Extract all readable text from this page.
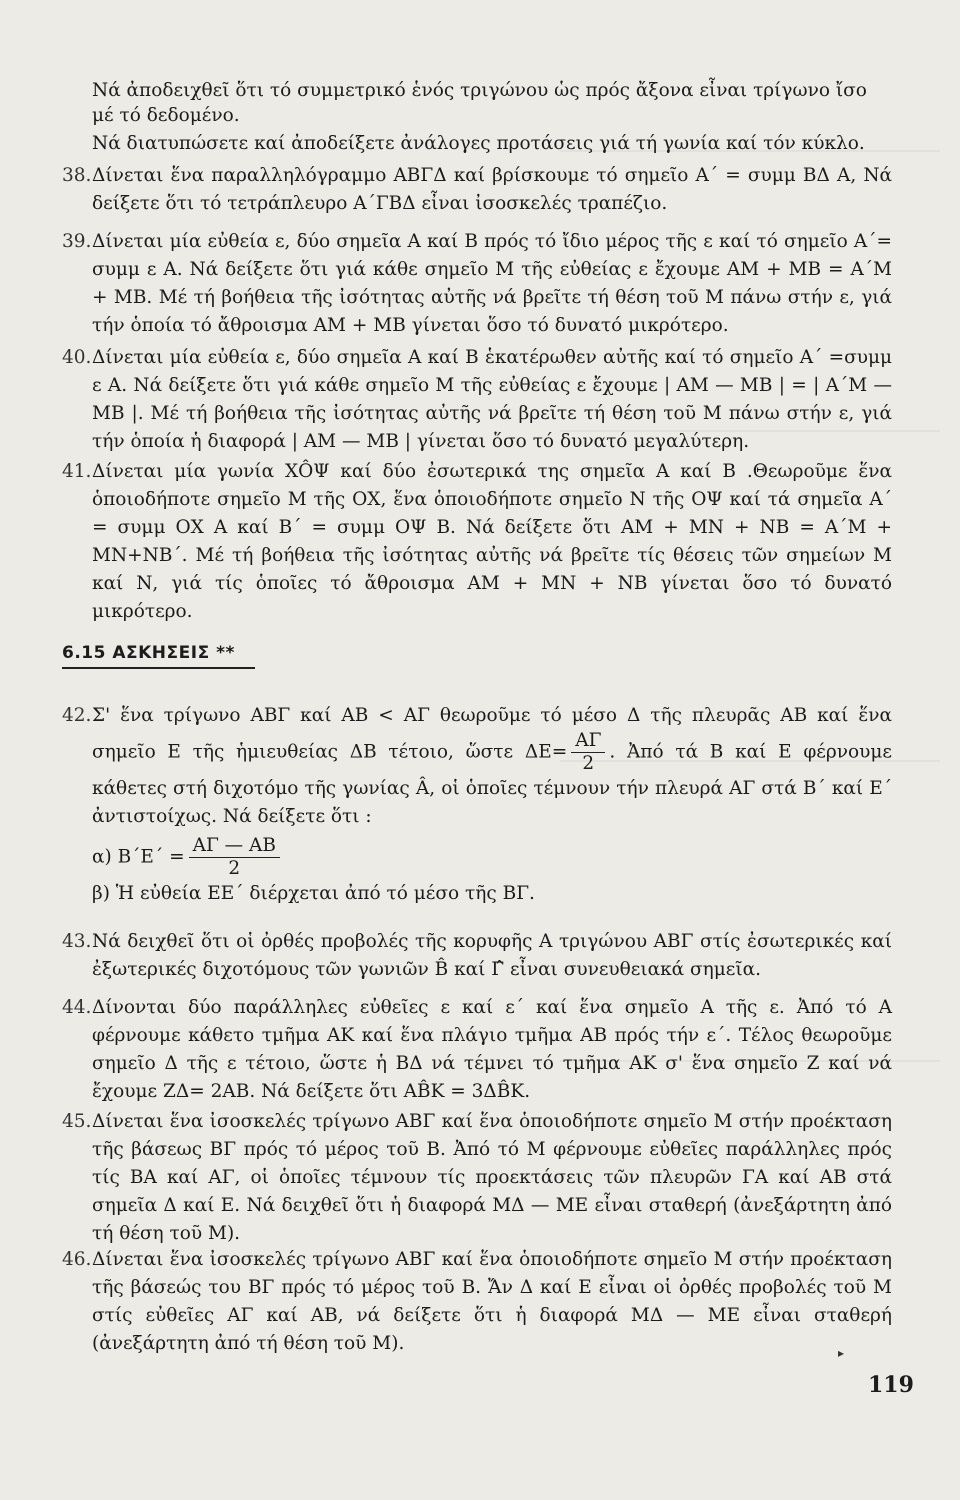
Νά ἀποδειχθεῖ ὅτι τό συμμετρικό ἑνός τριγώνου ὡς πρός ἄξονα εἶναι τρίγωνο ἴσο μέ τό δεδομένο.
Νά διατυπώσετε καί ἀποδείξετε ἀνάλογες προτάσεις γιά τή γωνία καί τόν κύκλο.
38. Δίνεται ἕνα παραλληλόγραμμο ΑΒΓΔ καί βρίσκουμε τό σημεῖο Α΄ = συμμ ΒΔ Α, Νά δείξετε ὅτι τό τετράπλευρο Α΄ΓΒΔ εἶναι ἰσοσκελές τραπέζιο.
39. Δίνεται μία εὐθεία ε, δύο σημεῖα Α καί Β πρός τό ἴδιο μέρος τῆς ε καί τό σημεῖο Α΄= συμμ ε Α. Νά δείξετε ὅτι γιά κάθε σημεῖο Μ τῆς εὐθείας ε ἔχουμε ΑΜ + ΜΒ = Α΄Μ + ΜΒ. Μέ τή βοήθεια τῆς ἰσότητας αὐτῆς νά βρεῖτε τή θέση τοῦ Μ πάνω στήν ε, γιά τήν ὁποία τό ἄθροισμα ΑΜ + ΜΒ γίνεται ὅσο τό δυνατό μικρότερο.
40. Δίνεται μία εὐθεία ε, δύο σημεῖα Α καί Β ἑκατέρωθεν αὐτῆς καί τό σημεῖο Α΄ =συμμ ε Α. Νά δείξετε ὅτι γιά κάθε σημεῖο Μ τῆς εὐθείας ε ἔχουμε | ΑΜ — ΜΒ | = | Α΄Μ — ΜΒ |. Μέ τή βοήθεια τῆς ἰσότητας αὐτῆς νά βρεῖτε τή θέση τοῦ Μ πάνω στήν ε, γιά τήν ὁποία ἡ διαφορά | ΑΜ — ΜΒ | γίνεται ὅσο τό δυνατό μεγαλύτερη.
41. Δίνεται μία γωνία ΧÔΨ καί δύο ἐσωτερικά της σημεῖα Α καί Β .Θεωροῦμε ἕνα ὁποιοδήποτε σημεῖο Μ τῆς ΟΧ, ἕνα ὁποιοδήποτε σημεῖο Ν τῆς ΟΨ καί τά σημεῖα Α΄ = συμμ ΟΧ Α καί Β΄ = συμμ ΟΨ Β. Νά δείξετε ὅτι ΑΜ + ΜΝ + ΝΒ = Α΄Μ + ΜΝ+ΝΒ΄. Μέ τή βοήθεια τῆς ἰσότητας αὐτῆς νά βρεῖτε τίς θέσεις τῶν σημείων Μ καί Ν, γιά τίς ὁποῖες τό ἄθροισμα ΑΜ + ΜΝ + ΝΒ γίνεται ὅσο τό δυνατό μικρότερο.
6.15 ΑΣΚΗΣΕΙΣ **
42. Σ' ἕνα τρίγωνο ΑΒΓ καί ΑΒ < ΑΓ θεωροῦμε τό μέσο Δ τῆς πλευρᾶς ΑΒ καί ἕνα σημεῖο Ε τῆς ἡμιευθείας ΔΒ τέτοιο, ὥστε $\Delta E= \frac{A\Gamma}{2}$ . Ἀπό τά Β καί Ε φέρνουμε κάθετες στή διχοτόμο τῆς γωνίας Â, οἱ ὁποῖες τέμνουν τήν πλευρά ΑΓ στά Β΄ καί Ε΄ ἀντιστοίχως. Νά δείξετε ὅτι :
α) $B΄E΄ = \frac{A\Gamma — AB}{2}$
β) Ἡ εὐθεία ΕΕ΄ διέρχεται ἀπό τό μέσο τῆς ΒΓ.
43. Νά δειχθεῖ ὅτι οἱ ὀρθές προβολές τῆς κορυφῆς Α τριγώνου ΑΒΓ στίς ἐσωτερικές καί ἐξωτερικές διχοτόμους τῶν γωνιῶν B̂ καί Γ̂ εἶναι συνευθειακά σημεῖα.
44. Δίνονται δύο παράλληλες εὐθεῖες ε καί ε΄ καί ἕνα σημεῖο Α τῆς ε. Ἀπό τό Α φέρνουμε κάθετο τμῆμα ΑΚ καί ἕνα πλάγιο τμῆμα ΑΒ πρός τήν ε΄. Τέλος θεωροῦμε σημεῖο Δ τῆς ε τέτοιο, ὥστε ἡ ΒΔ νά τέμνει τό τμῆμα ΑΚ σ' ἕνα σημεῖο Ζ καί νά ἔχουμε ΖΔ= 2ΑΒ. Νά δείξετε ὅτι ΑB̂Κ = 3ΔB̂Κ.
45. Δίνεται ἕνα ἰσοσκελές τρίγωνο ΑΒΓ καί ἕνα ὁποιοδήποτε σημεῖο Μ στήν προέκταση τῆς βάσεως ΒΓ πρός τό μέρος τοῦ Β. Ἀπό τό Μ φέρνουμε εὐθεῖες παράλληλες πρός τίς ΒΑ καί ΑΓ, οἱ ὁποῖες τέμνουν τίς προεκτάσεις τῶν πλευρῶν ΓΑ καί ΑΒ στά σημεῖα Δ καί Ε. Νά δειχθεῖ ὅτι ἡ διαφορά ΜΔ — ΜΕ εἶναι σταθερή (ἀνεξάρτητη ἀπό τή θέση τοῦ Μ).
46. Δίνεται ἕνα ἰσοσκελές τρίγωνο ΑΒΓ καί ἕνα ὁποιοδήποτε σημεῖο Μ στήν προέκταση τῆς βάσεώς του ΒΓ πρός τό μέρος τοῦ Β. Ἄν Δ καί Ε εἶναι οἱ ὀρθές προβολές τοῦ Μ στίς εὐθεῖες ΑΓ καί ΑΒ, νά δείξετε ὅτι ἡ διαφορά ΜΔ — ΜΕ εἶναι σταθερή (ἀνεξάρτητη ἀπό τή θέση τοῦ Μ).	▸
119
